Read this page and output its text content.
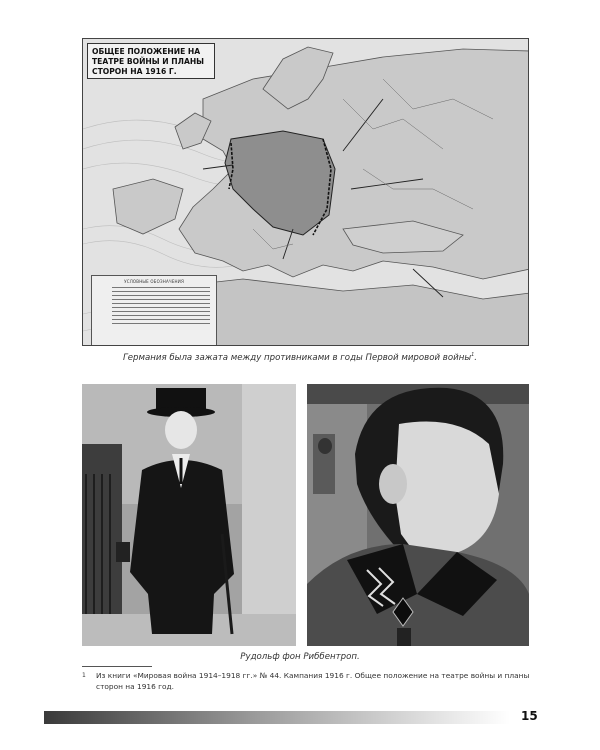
ОБЩЕЕ ПОЛОЖЕНИЕ НА ТЕАТРЕ ВОЙНЫ И ПЛАНЫ СТОРОН НА 1916 Г.
УСЛОВНЫЕ ОБОЗНАЧЕНИЯ
Германия была зажата между противниками в годы Первой мировой войны$^1$.
Рудольф фон Риббентроп.
1 Из книги «Мировая война 1914–1918 гг.» № 44. Кампания 1916 г. Общее положение на театре войны и планы сторон на 1916 год.
15
